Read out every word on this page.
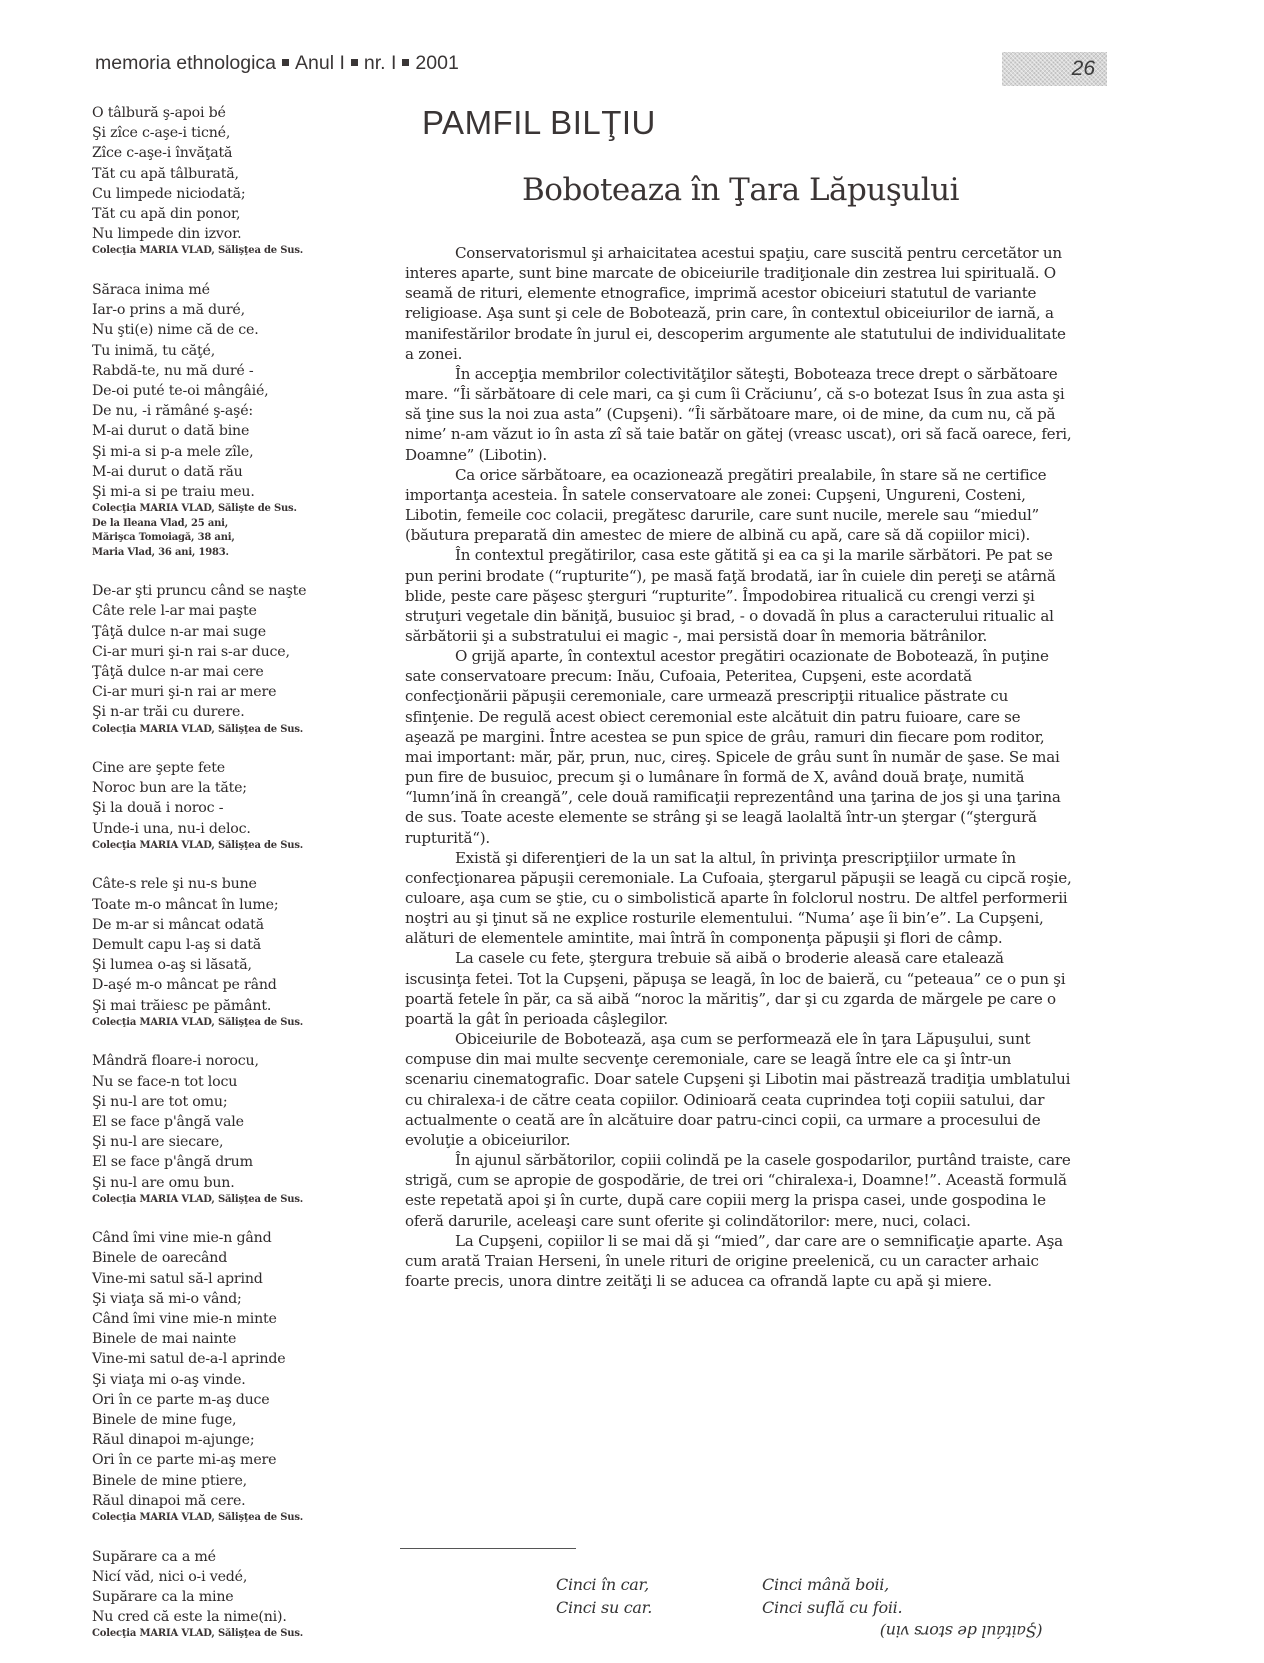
memoria ethnologica Anul I nr. I 2001	26
O tâlbură ş-apoi bé
Şi zîce c-aşe-i ticné,
Zîce c-aşe-i învăţată
Tăt cu apă tâlburată,
Cu limpede niciodată;
Tăt cu apă din ponor,
Nu limpede din izvor.
Colecţia MARIA VLAD, Sălişţea de Sus.
Săraca inima mé
Iar-o prins a mă duré,
Nu şti(e) nime că de ce.
Tu inimă, tu căţé,
Rabdă-te, nu mă duré -
De-oi puté te-oi mângâié,
De nu, -i rămâné ş-aşé:
M-ai durut o dată bine
Şi mi-a si p-a mele zîle,
M-ai durut o dată rău
Şi mi-a si pe traiu meu.
Colecţia MARIA VLAD, Sălişte de Sus.
De la Ileana Vlad, 25 ani,
Mărişca Tomoiagă, 38 ani,
Maria Vlad, 36 ani, 1983.
De-ar şti pruncu când se naşte
Câte rele l-ar mai paşte
Ţâţă dulce n-ar mai suge
Ci-ar muri şi-n rai s-ar duce,
Ţâţă dulce n-ar mai cere
Ci-ar muri şi-n rai ar mere
Şi n-ar trăi cu durere.
Colecţia MARIA VLAD, Sălişţea de Sus.
Cine are şepte fete
Noroc bun are la tăte;
Şi la două i noroc -
Unde-i una, nu-i deloc.
Colecţia MARIA VLAD, Sălişţea de Sus.
Câte-s rele şi nu-s bune
Toate m-o mâncat în lume;
De m-ar si mâncat odată
Demult capu l-aş si dată
Şi lumea o-aş si lăsată,
D-aşé m-o mâncat pe rând
Şi mai trăiesc pe pământ.
Colecţia MARIA VLAD, Sălişţea de Sus.
Mândră floare-i norocu,
Nu se face-n tot locu
Şi nu-l are tot omu;
El se face p'ângă vale
Şi nu-l are siecare,
El se face p'ângă drum
Şi nu-l are omu bun.
Colecţia MARIA VLAD, Sălişţea de Sus.
Când îmi vine mie-n gând
Binele de oarecând
Vine-mi satul să-l aprind
Şi viaţa să mi-o vând;
Când îmi vine mie-n minte
Binele de mai nainte
Vine-mi satul de-a-l aprinde
Şi viaţa mi o-aş vinde.
Ori în ce parte m-aş duce
Binele de mine fuge,
Răul dinapoi m-ajunge;
Ori în ce parte mi-aş mere
Binele de mine ptiere,
Răul dinapoi mă cere.
Colecţia MARIA VLAD, Sălişţea de Sus.
Supărare ca a mé
Nicí văd, nici o-i vedé,
Supărare ca la mine
Nu cred că este la nime(ni).
Colecţia MARIA VLAD, Sălişţea de Sus.
PAMFIL BILŢIU
Boboteaza în Ţara Lăpuşului

Conservatorismul şi arhaicitatea acestui spaţiu, care suscită pentru cercetător un interes aparte, sunt bine marcate de obiceiurile tradiţionale din zestrea lui spirituală. O seamă de rituri, elemente etnografice, imprimă acestor obiceiuri statutul de variante religioase. Aşa sunt şi cele de Bobotează, prin care, în contextul obiceiurilor de iarnă, a manifestărilor brodate în jurul ei, descoperim argumente ale statutului de individualitate a zonei.

În accepţia membrilor colectivităţilor săteşti, Boboteaza trece drept o sărbătoare mare. “Îi sărbătoare di cele mari, ca şi cum îi Crăciunu’, că s-o botezat Isus în zua asta şi să ţine sus la noi zua asta” (Cupşeni). “Îi sărbătoare mare, oi de mine, da cum nu, că pă nime’ n-am văzut io în asta zî să taie batăr on gătej (vreasc uscat), ori să facă oarece, feri, Doamne” (Libotin).

Ca orice sărbătoare, ea ocazionează pregătiri prealabile, în stare să ne certifice importanţa acesteia. În satele conservatoare ale zonei: Cupşeni, Ungureni, Costeni, Libotin, femeile coc colacii, pregătesc darurile, care sunt nucile, merele sau “miedul” (băutura preparată din amestec de miere de albină cu apă, care să dă copiilor mici).

În contextul pregătirilor, casa este gătită şi ea ca şi la marile sărbători. Pe pat se pun perini brodate (“rupturite“), pe masă faţă brodată, iar în cuiele din pereţi se atârnă blide, peste care păşesc şterguri “rupturite”. Împodobirea ritualică cu crengi verzi şi struţuri vegetale din băniţă, busuioc şi brad, - o dovadă în plus a caracterului ritualic al sărbătorii şi a substratului ei magic -, mai persistă doar în memoria bătrânilor.

O grijă aparte, în contextul acestor pregătiri ocazionate de Bobotează, în puţine sate conservatoare precum: Inău, Cufoaia, Peteritea, Cupşeni, este acordată confecţionării păpuşii ceremoniale, care urmează prescripţii ritualice păstrate cu sfinţenie. De regulă acest obiect ceremonial este alcătuit din patru fuioare, care se aşează pe margini. Între acestea se pun spice de grâu, ramuri din fiecare pom roditor, mai important: măr, păr, prun, nuc, cireş. Spicele de grâu sunt în număr de şase. Se mai pun fire de busuioc, precum şi o lumânare în formă de X, având două braţe, numită “lumn’ină în creangă”, cele două ramificaţii reprezentând una ţarina de jos şi una ţarina de sus. Toate aceste elemente se strâng şi se leagă laolaltă într-un ştergar (“ştergură rupturită“).

Există şi diferenţieri de la un sat la altul, în privinţa prescripţiilor urmate în confecţionarea păpuşii ceremoniale. La Cufoaia, ştergarul păpuşii se leagă cu cipcă roşie, culoare, aşa cum se ştie, cu o simbolistică aparte în folclorul nostru. De altfel performerii noştri au şi ţinut să ne explice rosturile elementului. “Numa’ aşe îi bin’e”. La Cupşeni, alături de elementele amintite, mai întră în componenţa păpuşii şi flori de câmp.

La casele cu fete, ştergura trebuie să aibă o broderie aleasă care etalează iscusinţa fetei. Tot la Cupşeni, păpuşa se leagă, în loc de baieră, cu “peteaua” ce o pun şi poartă fetele în păr, ca să aibă “noroc la măritiş”, dar şi cu zgarda de mărgele pe care o poartă la gât în perioada câşlegilor.

Obiceiurile de Bobotează, aşa cum se performează ele în ţara Lăpuşului, sunt compuse din mai multe secvenţe ceremoniale, care se leagă între ele ca şi într-un scenariu cinematografic. Doar satele Cupşeni şi Libotin mai păstrează tradiţia umblatului cu chiralexa-i de către ceata copiilor. Odinioară ceata cuprindea toţi copiii satului, dar actualmente o ceată are în alcătuire doar patru-cinci copii, ca urmare a procesului de evoluţie a obiceiurilor.

În ajunul sărbătorilor, copiii colindă pe la casele gospodarilor, purtând traiste, care strigă, cum se apropie de gospodărie, de trei ori “chiralexa-i, Doamne!”. Această formulă este repetată apoi şi în curte, după care copiii merg la prispa casei, unde gospodina le oferă darurile, aceleaşi care sunt oferite şi colindătorilor: mere, nuci, colaci.

La Cupşeni, copiilor li se mai dă şi “mied”, dar care are o semnificaţie aparte. Aşa cum arată Traian Herseni, în unele rituri de origine preelenică, cu un caracter arhaic foarte precis, unora dintre zeităţi li se aducea ca ofrandă lapte cu apă şi miere.

Cinci în car,
Cinci su car.
Cinci mână boii,
Cinci suflă cu foii.
(Şaitául de stors vin)
